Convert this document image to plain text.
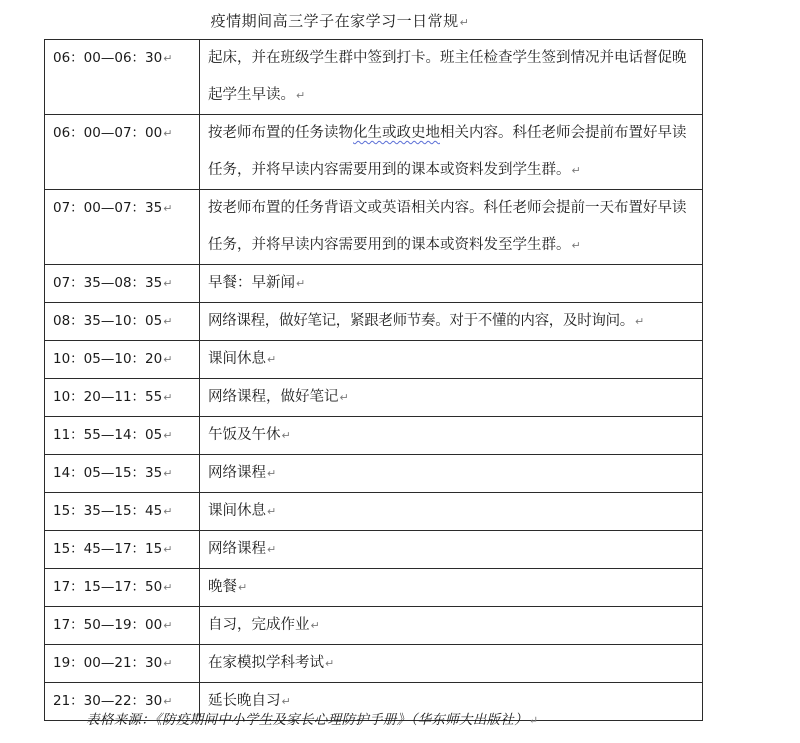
疫情期间高三学子在家学习一日常规↵
06：00—06：30↵	起床，并在班级学生群中签到打卡。班主任检查学生签到情况并电话督促晚起学生早读。↵

06：00—07：00↵	按老师布置的任务读物化生或政史地相关内容。科任老师会提前布置好早读任务，并将早读内容需要用到的课本或资料发到学生群。↵

07：00—07：35↵	按老师布置的任务背语文或英语相关内容。科任老师会提前一天布置好早读任务，并将早读内容需要用到的课本或资料发至学生群。↵

07：35—08：35↵	早餐：早新闻↵

08：35—10：05↵	网络课程，做好笔记，紧跟老师节奏。对于不懂的内容，及时询问。↵

10：05—10：20↵	课间休息↵

10：20—11：55↵	网络课程，做好笔记↵

11：55—14：05↵	午饭及午休↵

14：05—15：35↵	网络课程↵

15：35—15：45↵	课间休息↵

15：45—17：15↵	网络课程↵

17：15—17：50↵	晚餐↵

17：50—19：00↵	自习，完成作业↵

19：00—21：30↵	在家模拟学科考试↵

21：30—22：30↵	延长晚自习↵
表格来源：《防疫期间中小学生及家长心理防护手册》（华东师大出版社）↵
